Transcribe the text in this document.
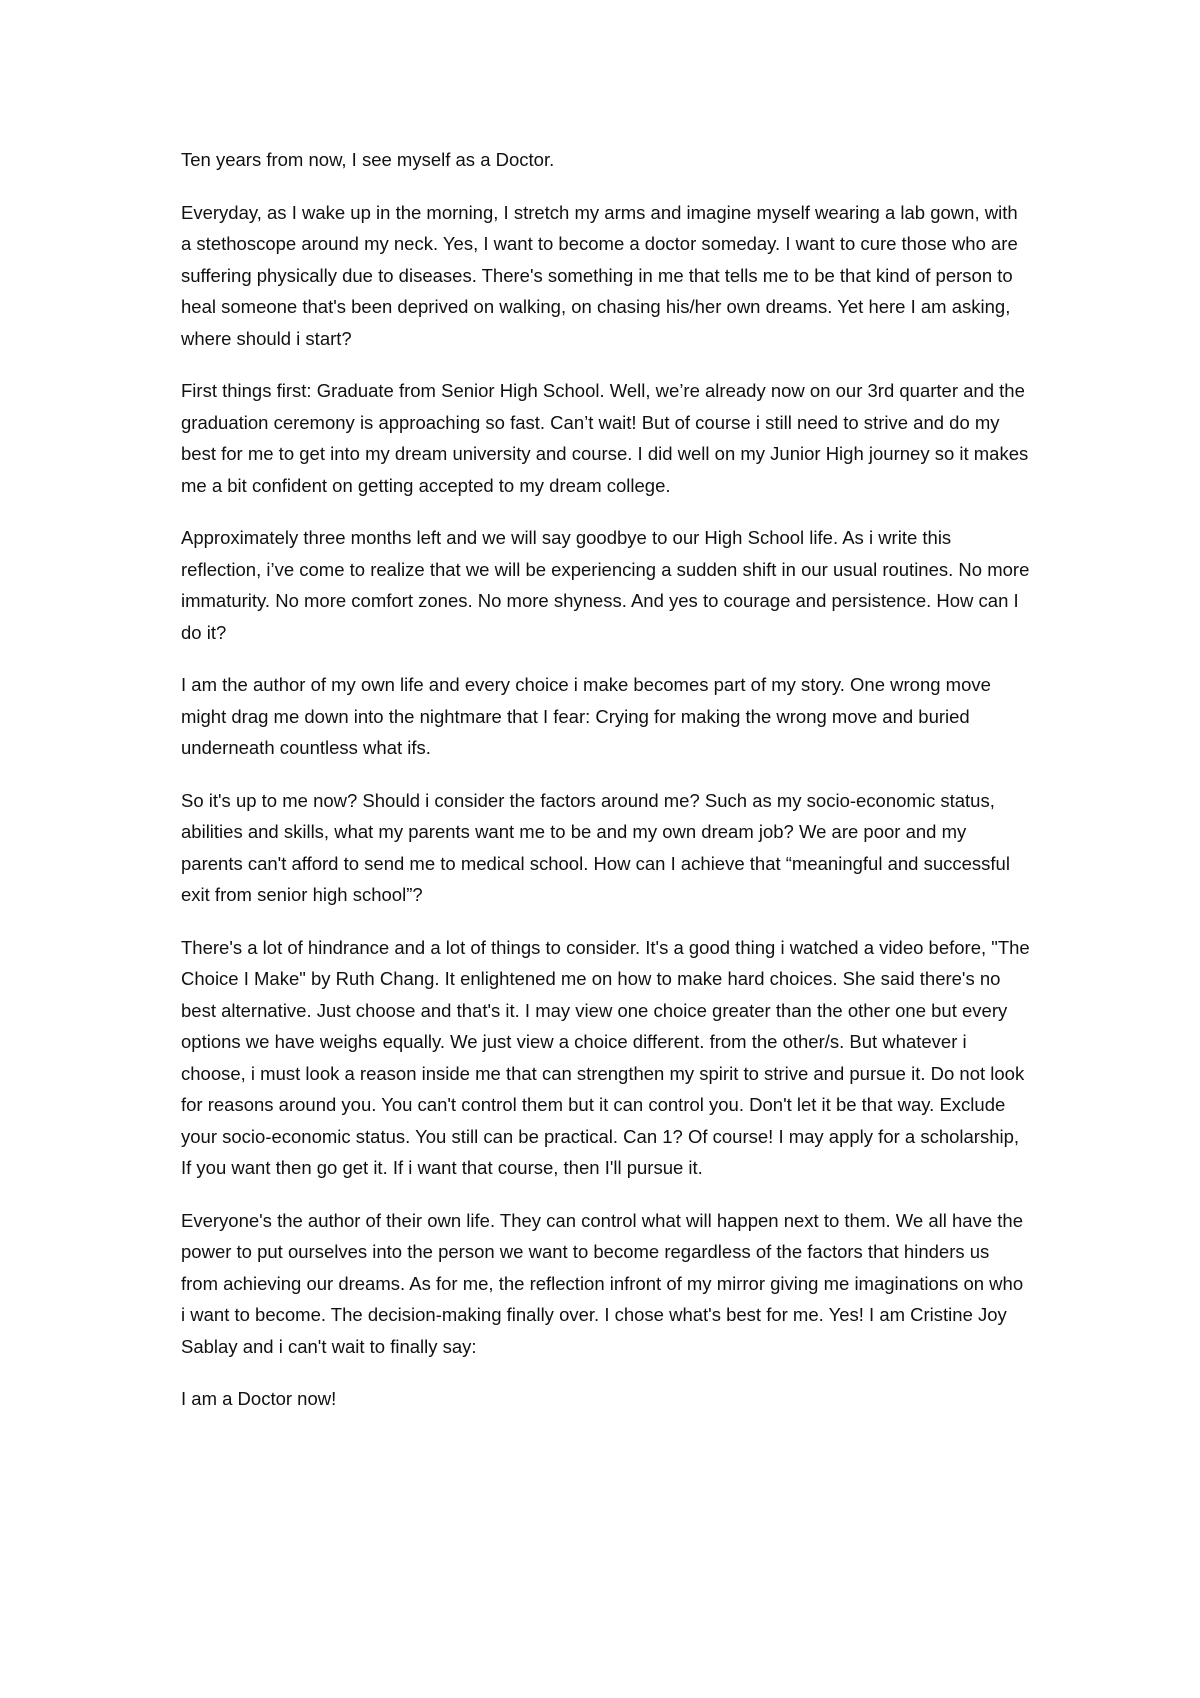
Ten years from now, I see myself as a Doctor.

Everyday, as I wake up in the morning, I stretch my arms and imagine myself wearing a lab gown, with a stethoscope around my neck. Yes, I want to become a doctor someday. I want to cure those who are suffering physically due to diseases. There's something in me that tells me to be that kind of person to heal someone that's been deprived on walking, on chasing his/her own dreams. Yet here I am asking, where should i start?

First things first: Graduate from Senior High School. Well, we’re already now on our 3rd quarter and the graduation ceremony is approaching so fast. Can’t wait! But of course i still need to strive and do my best for me to get into my dream university and course. I did well on my Junior High journey so it makes me a bit confident on getting accepted to my dream college.

Approximately three months left and we will say goodbye to our High School life. As i write this reflection, i’ve come to realize that we will be experiencing a sudden shift in our usual routines. No more immaturity. No more comfort zones. No more shyness. And yes to courage and persistence. How can I do it?

I am the author of my own life and every choice i make becomes part of my story. One wrong move might drag me down into the nightmare that I fear: Crying for making the wrong move and buried underneath countless what ifs.

So it's up to me now? Should i consider the factors around me? Such as my socio-economic status, abilities and skills, what my parents want me to be and my own dream job? We are poor and my parents can't afford to send me to medical school. How can I achieve that “meaningful and successful exit from senior high school”?

There's a lot of hindrance and a lot of things to consider. It's a good thing i watched a video before, "The Choice I Make" by Ruth Chang. It enlightened me on how to make hard choices. She said there's no best alternative. Just choose and that's it. I may view one choice greater than the other one but every options we have weighs equally. We just view a choice different. from the other/s. But whatever i choose, i must look a reason inside me that can strengthen my spirit to strive and pursue it. Do not look for reasons around you. You can't control them but it can control you. Don't let it be that way. Exclude your socio-economic status. You still can be practical. Can 1? Of course! I may apply for a scholarship, If you want then go get it. If i want that course, then I'll pursue it.

Everyone's the author of their own life. They can control what will happen next to them. We all have the power to put ourselves into the person we want to become regardless of the factors that hinders us from achieving our dreams. As for me, the reflection infront of my mirror giving me imaginations on who i want to become. The decision-making finally over. I chose what's best for me. Yes! I am Cristine Joy Sablay and i can't wait to finally say:

I am a Doctor now!
